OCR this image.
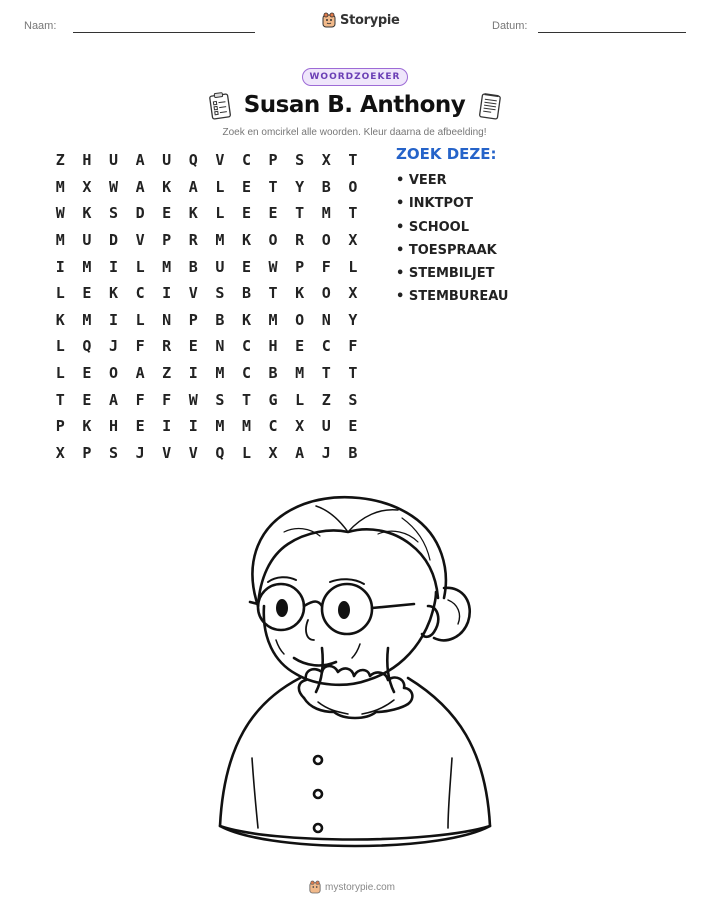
Naam:	Storypie	Datum:
WOORDZOEKER
Susan B. Anthony
Zoek en omcirkel alle woorden. Kleur daarna de afbeelding!
Z	H	U	A	U	Q	V	C	P	S	X	T
M	X	W	A	K	A	L	E	T	Y	B	O
W	K	S	D	E	K	L	E	E	T	M	T
M	U	D	V	P	R	M	K	O	R	O	X
I	M	I	L	M	B	U	E	W	P	F	L
L	E	K	C	I	V	S	B	T	K	O	X
K	M	I	L	N	P	B	K	M	O	N	Y
L	Q	J	F	R	E	N	C	H	E	C	F
L	E	O	A	Z	I	M	C	B	M	T	T
T	E	A	F	F	W	S	T	G	L	Z	S
P	K	H	E	I	I	M	M	C	X	U	E
X	P	S	J	V	V	Q	L	X	A	J	B
ZOEK DEZE:
• VEER
• INKTPOT
• SCHOOL
• TOESPRAAK
• STEMBILJET
• STEMBUREAU
mystorypie.com
